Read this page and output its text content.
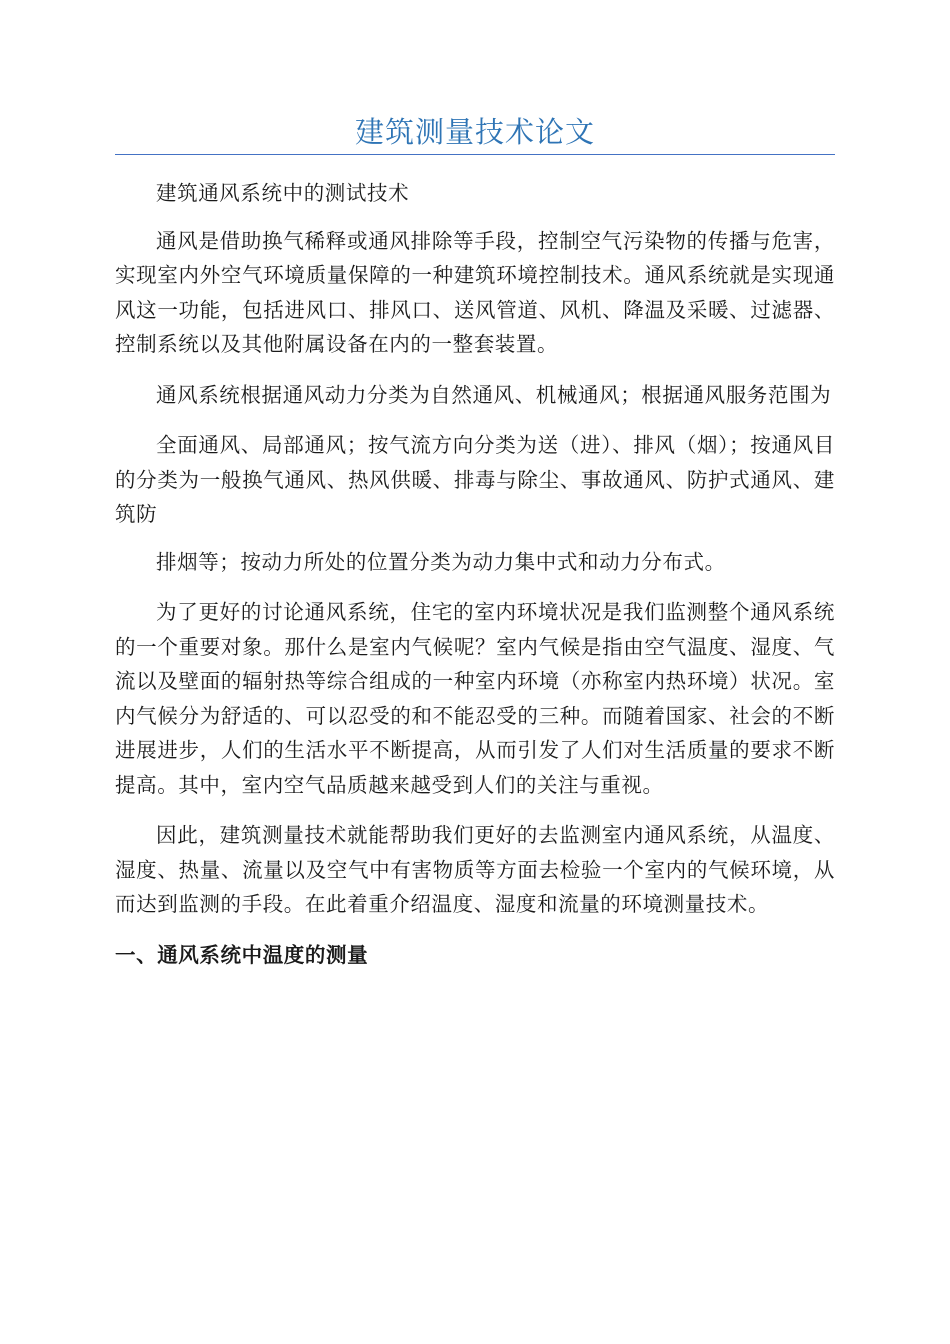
建筑测量技术论文

建筑通风系统中的测试技术

通风是借助换气稀释或通风排除等手段，控制空气污染物的传播与危害，实现室内外空气环境质量保障的一种建筑环境控制技术。通风系统就是实现通风这一功能，包括进风口、排风口、送风管道、风机、降温及采暖、过滤器、控制系统以及其他附属设备在内的一整套装置。

通风系统根据通风动力分类为自然通风、机械通风；根据通风服务范围为

全面通风、局部通风；按气流方向分类为送（进）、排风（烟）；按通风目的分类为一般换气通风、热风供暖、排毒与除尘、事故通风、防护式通风、建筑防

排烟等；按动力所处的位置分类为动力集中式和动力分布式。

为了更好的讨论通风系统，住宅的室内环境状况是我们监测整个通风系统的一个重要对象。那什么是室内气候呢？室内气候是指由空气温度、湿度、气流以及壁面的辐射热等综合组成的一种室内环境（亦称室内热环境）状况。室内气候分为舒适的、可以忍受的和不能忍受的三种。而随着国家、社会的不断进展进步，人们的生活水平不断提高，从而引发了人们对生活质量的要求不断提高。其中，室内空气品质越来越受到人们的关注与重视。

因此，建筑测量技术就能帮助我们更好的去监测室内通风系统，从温度、湿度、热量、流量以及空气中有害物质等方面去检验一个室内的气候环境，从而达到监测的手段。在此着重介绍温度、湿度和流量的环境测量技术。

一、通风系统中温度的测量
